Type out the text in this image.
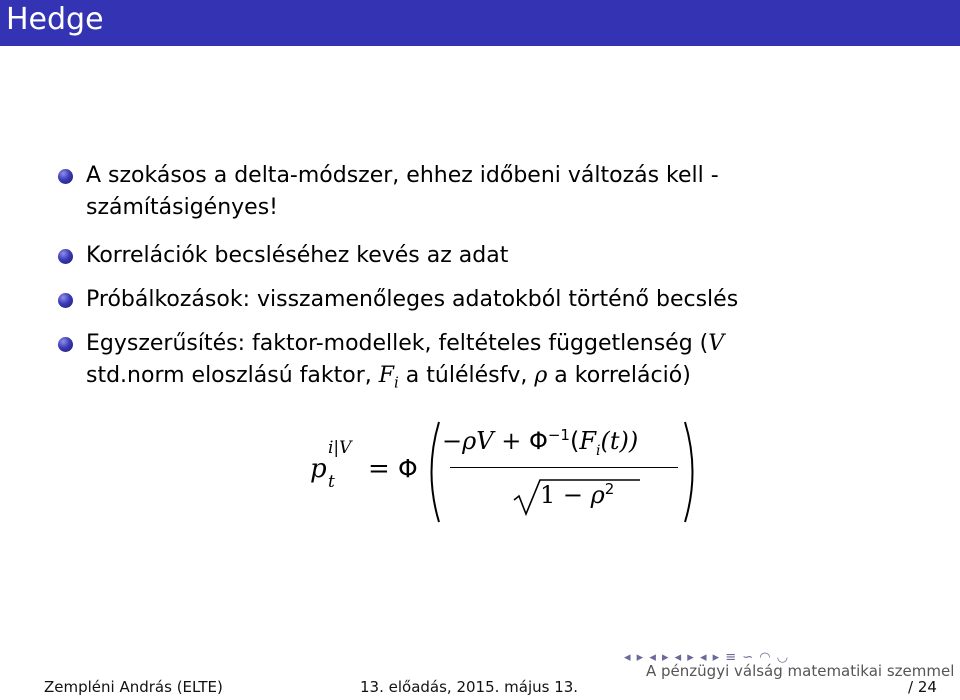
Hedge
A szokásos a delta-módszer, ehhez időbeni változás kell - számításigényes!
Korrelációk becsléséhez kevés az adat
Próbálkozások: visszamenőleges adatokból történő becslés
Egyszerűsítés: faktor-modellek, feltételes függetlenség (V
std.norm eloszlású faktor, $F_i$ a túlélésfv, ρ a korreláció)
p
i|V
t = Φ
$-\rho V + \Phi^{-1}(F_i(t))$
$1 - \rho^2$
◂ ▸ ◂ ▸ ◂ ▸ ◂ ▸ ≡ ∽ ◠ ◡
Zempléni András (ELTE)	13. előadás, 2015. május 13.
A pénzügyi válság matematikai szemmel
/ 24
